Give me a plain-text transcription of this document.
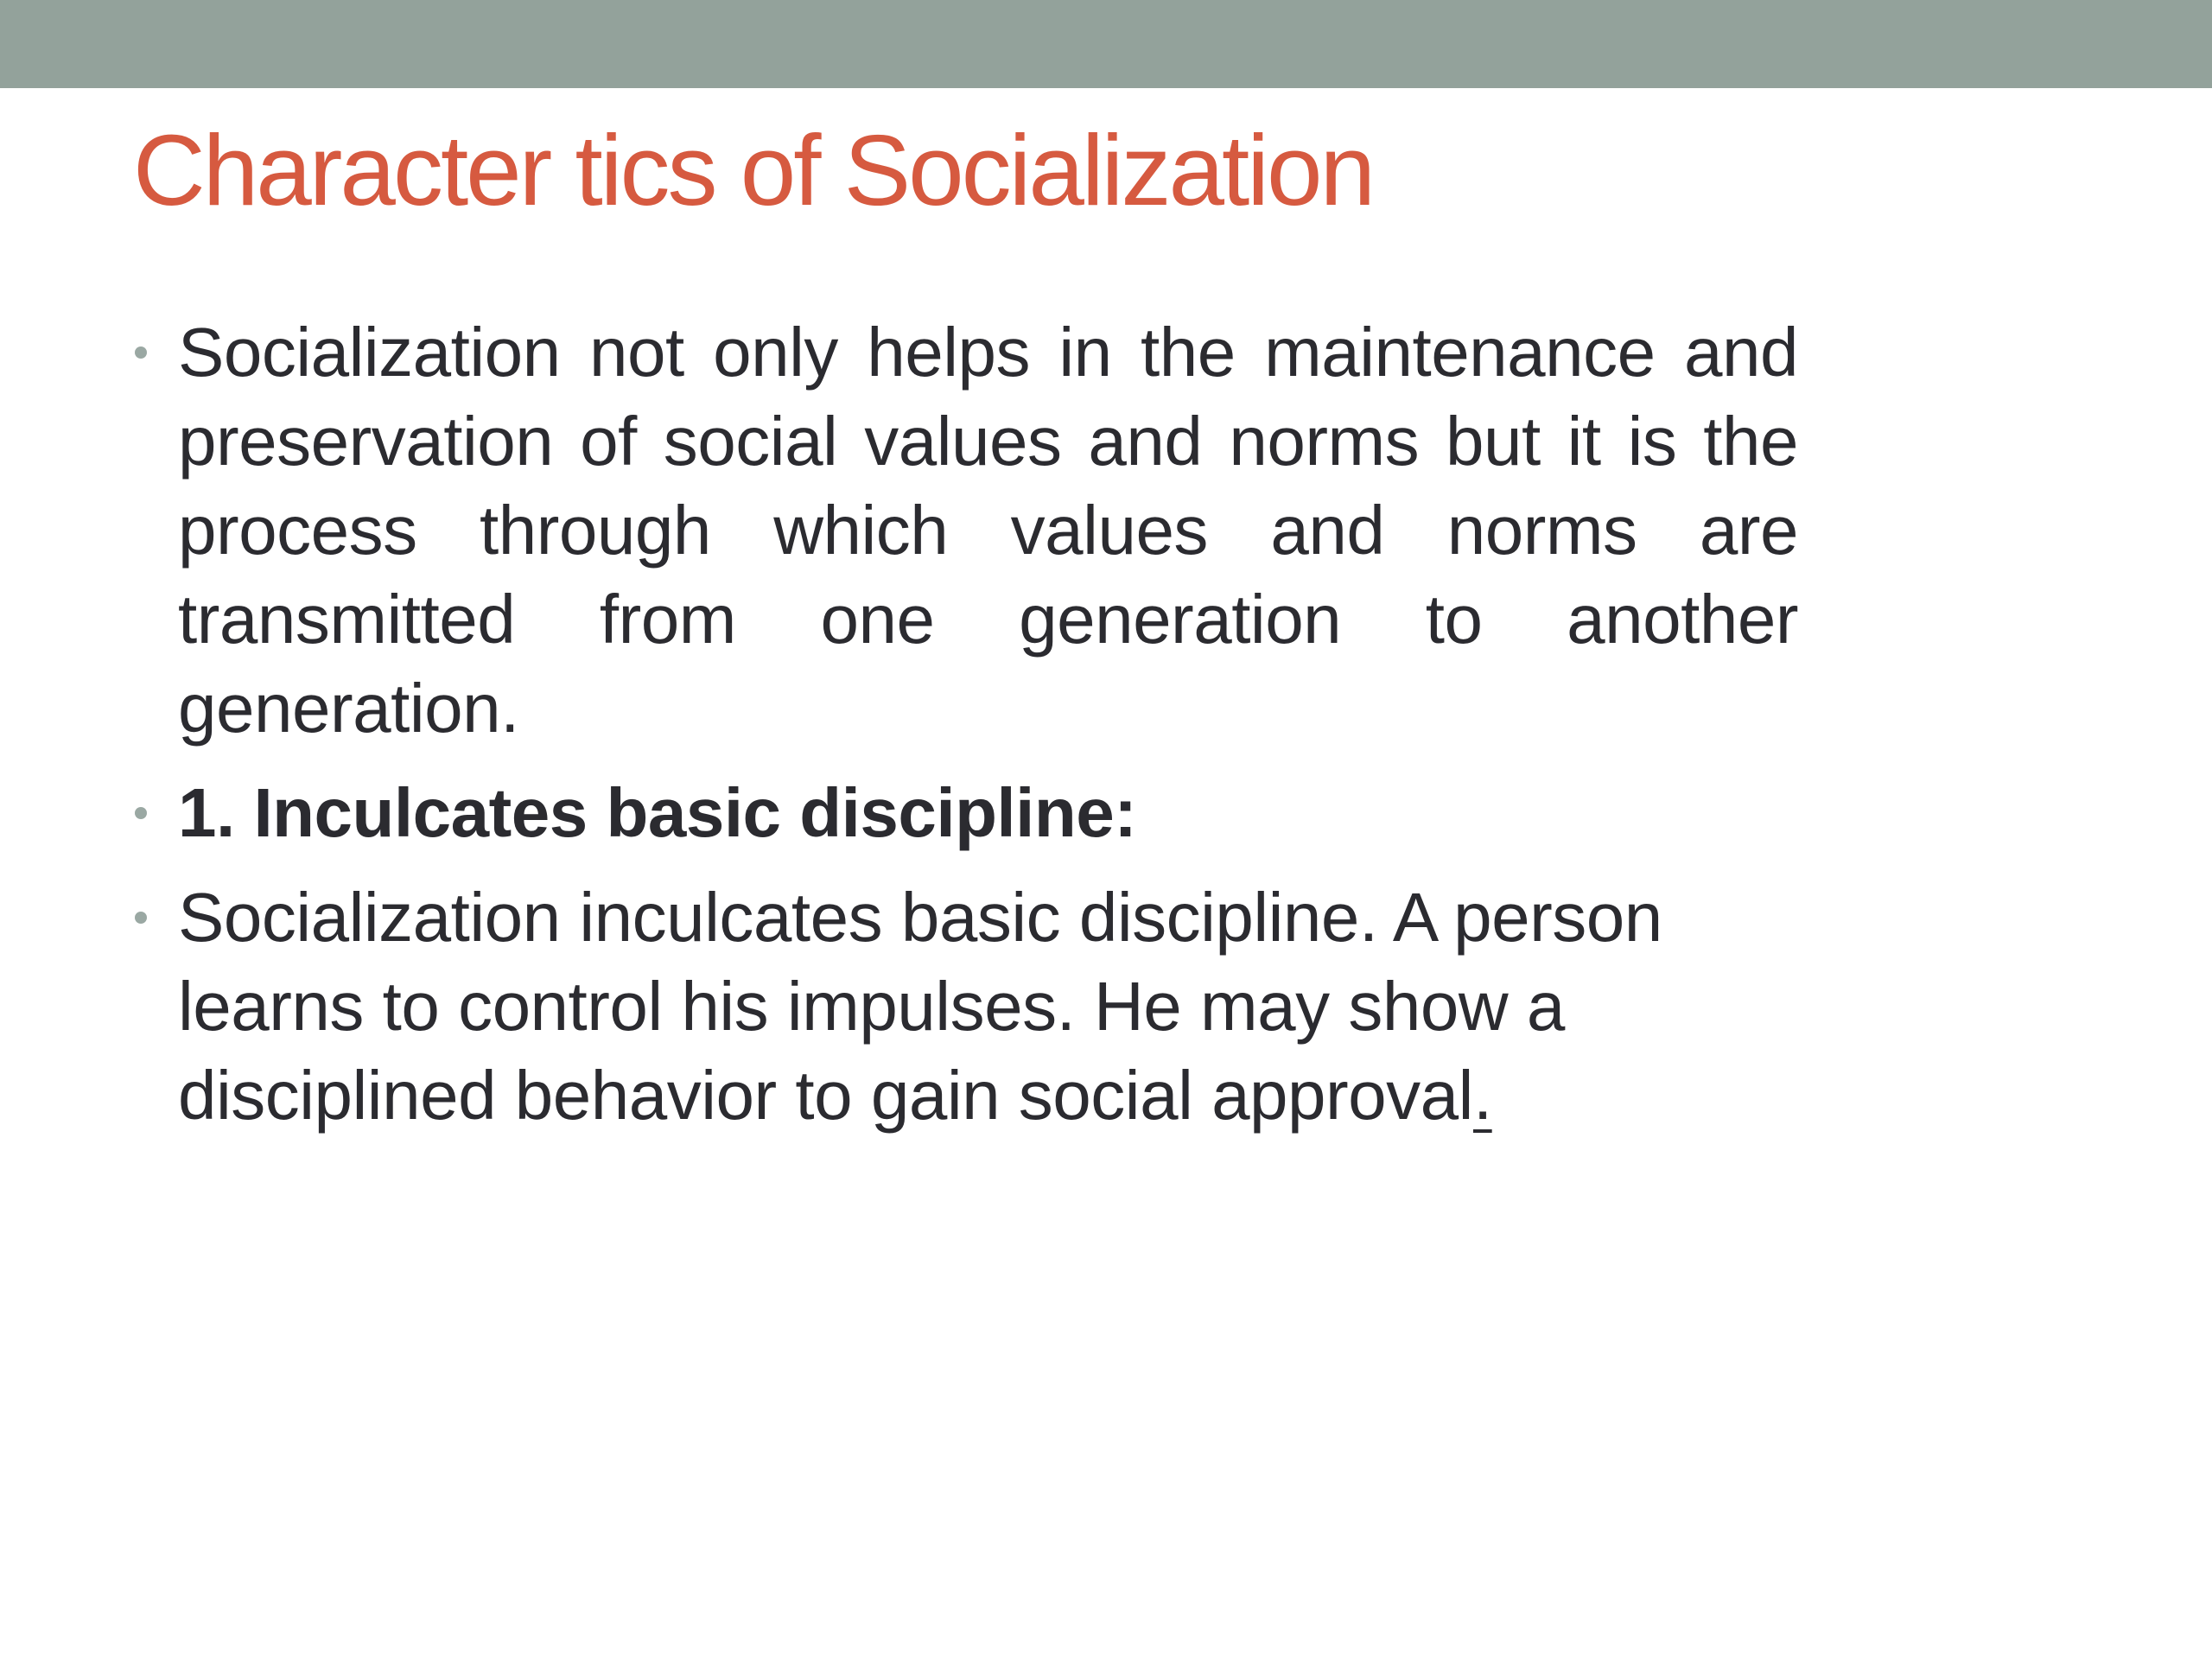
Character tics of Socialization
Socialization not only helps in the maintenance and preservation of social values and norms but it is the process through which values and norms are transmitted from one generation to another generation.
1. Inculcates basic discipline:
Socialization inculcates basic discipline. A person learns to control his impulses. He may show a disciplined behavior to gain social approval.
